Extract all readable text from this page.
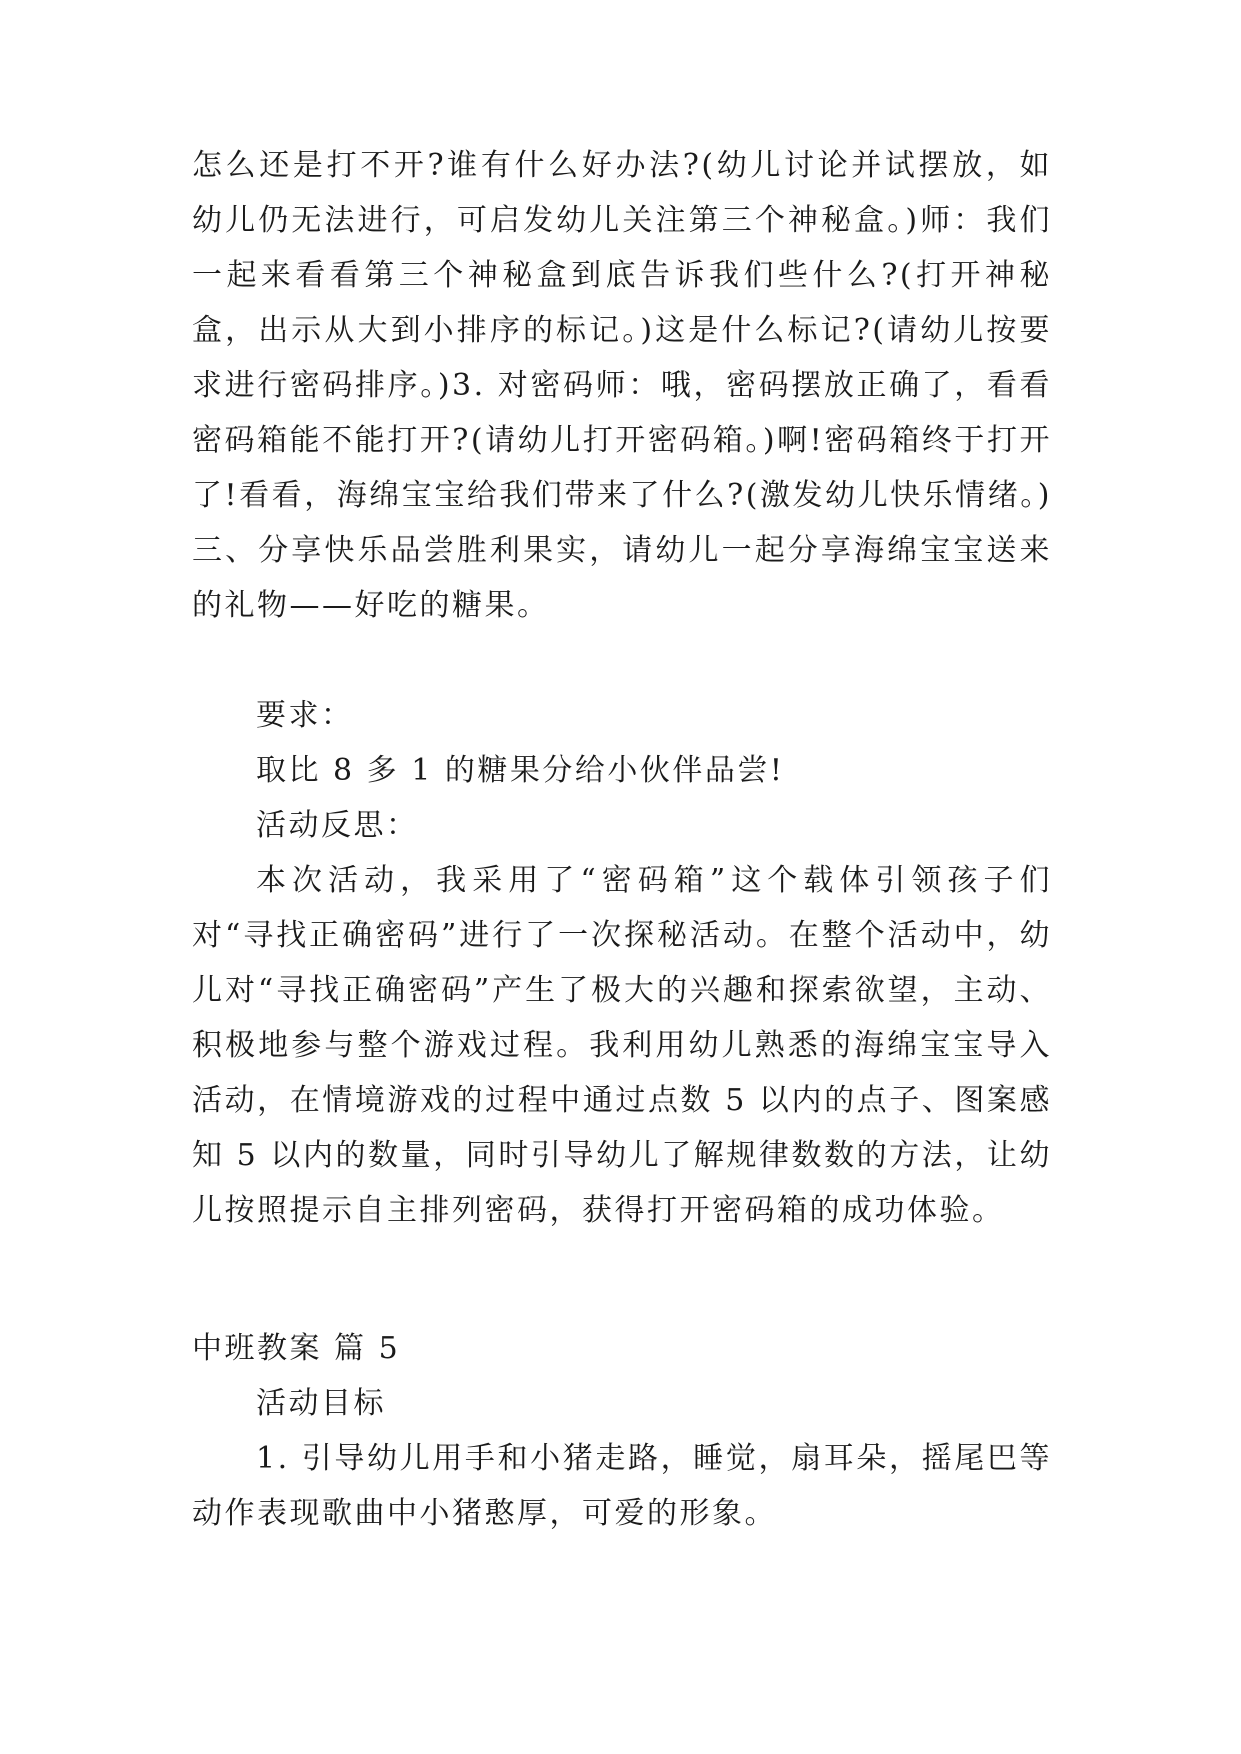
怎么还是打不开?谁有什么好办法?(幼儿讨论并试摆放，如幼儿仍无法进行，可启发幼儿关注第三个神秘盒。)师：我们一起来看看第三个神秘盒到底告诉我们些什么?(打开神秘盒，出示从大到小排序的标记。)这是什么标记?(请幼儿按要求进行密码排序。)3. 对密码师：哦，密码摆放正确了，看看密码箱能不能打开?(请幼儿打开密码箱。)啊!密码箱终于打开了!看看，海绵宝宝给我们带来了什么?(激发幼儿快乐情绪。)三、分享快乐品尝胜利果实，请幼儿一起分享海绵宝宝送来的礼物——好吃的糖果。

要求：

取比 8 多 1 的糖果分给小伙伴品尝!

活动反思：

本次活动，我采用了“密码箱”这个载体引领孩子们对“寻找正确密码”进行了一次探秘活动。在整个活动中，幼儿对“寻找正确密码”产生了极大的兴趣和探索欲望，主动、积极地参与整个游戏过程。我利用幼儿熟悉的海绵宝宝导入活动，在情境游戏的过程中通过点数 5 以内的点子、图案感知 5 以内的数量，同时引导幼儿了解规律数数的方法，让幼儿按照提示自主排列密码，获得打开密码箱的成功体验。

中班教案 篇 5

活动目标

1. 引导幼儿用手和小猪走路，睡觉，扇耳朵，摇尾巴等动作表现歌曲中小猪憨厚，可爱的形象。
